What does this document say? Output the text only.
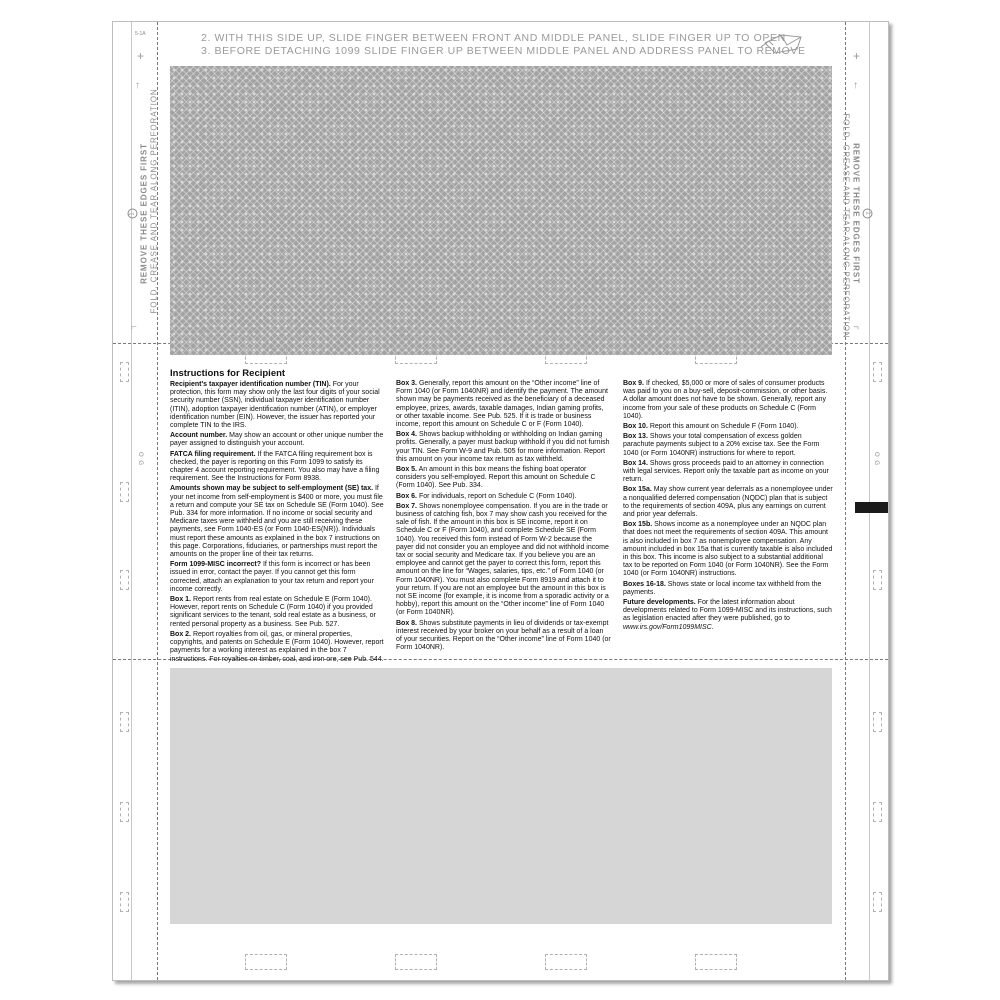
5-1A	2. WITH THIS SIDE UP, SLIDE FINGER BETWEEN FRONT AND MIDDLE PANEL, SLIDE FINGER UP TO OPEN
3. BEFORE DETACHING 1099 SLIDE FINGER UP BETWEEN MIDDLE PANEL AND ADDRESS PANEL TO REMOVE
+	+
↑	↑
⌐	¬
1 REMOVE THESE EDGES FIRST
FOLD, CREASE AND TEAR ALONG PERFORATION	1
REMOVE THESE EDGES FIRST
FOLD, CREASE AND TEAR ALONG PERFORATION
O G	O G
Instructions for Recipient

Recipient's taxpayer identification number (TIN). For your protection, this form may show only the last four digits of your social security number (SSN), individual taxpayer identification number (ITIN), adoption taxpayer identification number (ATIN), or employer identification number (EIN). However, the issuer has reported your complete TIN to the IRS.

Account number. May show an account or other unique number the payer assigned to distinguish your account.

FATCA filing requirement. If the FATCA filing requirement box is checked, the payer is reporting on this Form 1099 to satisfy its chapter 4 account reporting requirement. You also may have a filing requirement. See the Instructions for Form 8938.

Amounts shown may be subject to self-employment (SE) tax. If your net income from self-employment is $400 or more, you must file a return and compute your SE tax on Schedule SE (Form 1040). See Pub. 334 for more information. If no income or social security and Medicare taxes were withheld and you are still receiving these payments, see Form 1040-ES (or Form 1040-ES(NR)). Individuals must report these amounts as explained in the box 7 instructions on this page. Corporations, fiduciaries, or partnerships must report the amounts on the proper line of their tax returns.

Form 1099-MISC incorrect? If this form is incorrect or has been issued in error, contact the payer. If you cannot get this form corrected, attach an explanation to your tax return and report your income correctly.

Box 1. Report rents from real estate on Schedule E (Form 1040). However, report rents on Schedule C (Form 1040) if you provided significant services to the tenant, sold real estate as a business, or rented personal property as a business. See Pub. 527.

Box 2. Report royalties from oil, gas, or mineral properties, copyrights, and patents on Schedule E (Form 1040). However, report payments for a working interest as explained in the box 7 instructions. For royalties on timber, coal, and iron ore, see Pub. 544.

Box 3. Generally, report this amount on the “Other income” line of Form 1040 (or Form 1040NR) and identify the payment. The amount shown may be payments received as the beneficiary of a deceased employee, prizes, awards, taxable damages, Indian gaming profits, or other taxable income. See Pub. 525. If it is trade or business income, report this amount on Schedule C or F (Form 1040).

Box 4. Shows backup withholding or withholding on Indian gaming profits. Generally, a payer must backup withhold if you did not furnish your TIN. See Form W-9 and Pub. 505 for more information. Report this amount on your income tax return as tax withheld.

Box 5. An amount in this box means the fishing boat operator considers you self-employed. Report this amount on Schedule C (Form 1040). See Pub. 334.

Box 6. For individuals, report on Schedule C (Form 1040).

Box 7. Shows nonemployee compensation. If you are in the trade or business of catching fish, box 7 may show cash you received for the sale of fish. If the amount in this box is SE income, report it on Schedule C or F (Form 1040), and complete Schedule SE (Form 1040). You received this form instead of Form W-2 because the payer did not consider you an employee and did not withhold income tax or social security and Medicare tax. If you believe you are an employee and cannot get the payer to correct this form, report this amount on the line for “Wages, salaries, tips, etc.” of Form 1040 (or Form 1040NR). You must also complete Form 8919 and attach it to your return. If you are not an employee but the amount in this box is not SE income (for example, it is income from a sporadic activity or a hobby), report this amount on the “Other income” line of Form 1040 (or Form 1040NR).

Box 8. Shows substitute payments in lieu of dividends or tax-exempt interest received by your broker on your behalf as a result of a loan of your securities. Report on the “Other income” line of Form 1040 (or Form 1040NR).

Box 9. If checked, $5,000 or more of sales of consumer products was paid to you on a buy-sell, deposit-commission, or other basis. A dollar amount does not have to be shown. Generally, report any income from your sale of these products on Schedule C (Form 1040).

Box 10. Report this amount on Schedule F (Form 1040).

Box 13. Shows your total compensation of excess golden parachute payments subject to a 20% excise tax. See the Form 1040 (or Form 1040NR) instructions for where to report.

Box 14. Shows gross proceeds paid to an attorney in connection with legal services. Report only the taxable part as income on your return.

Box 15a. May show current year deferrals as a nonemployee under a nonqualified deferred compensation (NQDC) plan that is subject to the requirements of section 409A, plus any earnings on current and prior year deferrals.

Box 15b. Shows income as a nonemployee under an NQDC plan that does not meet the requirements of section 409A. This amount is also included in box 7 as nonemployee compensation. Any amount included in box 15a that is currently taxable is also included in this box. This income is also subject to a substantial additional tax to be reported on Form 1040 (or Form 1040NR). See the Form 1040 (or Form 1040NR) instructions.

Boxes 16-18. Shows state or local income tax withheld from the payments.

Future developments. For the latest information about developments related to Form 1099-MISC and its instructions, such as legislation enacted after they were published, go to www.irs.gov/Form1099MISC.
